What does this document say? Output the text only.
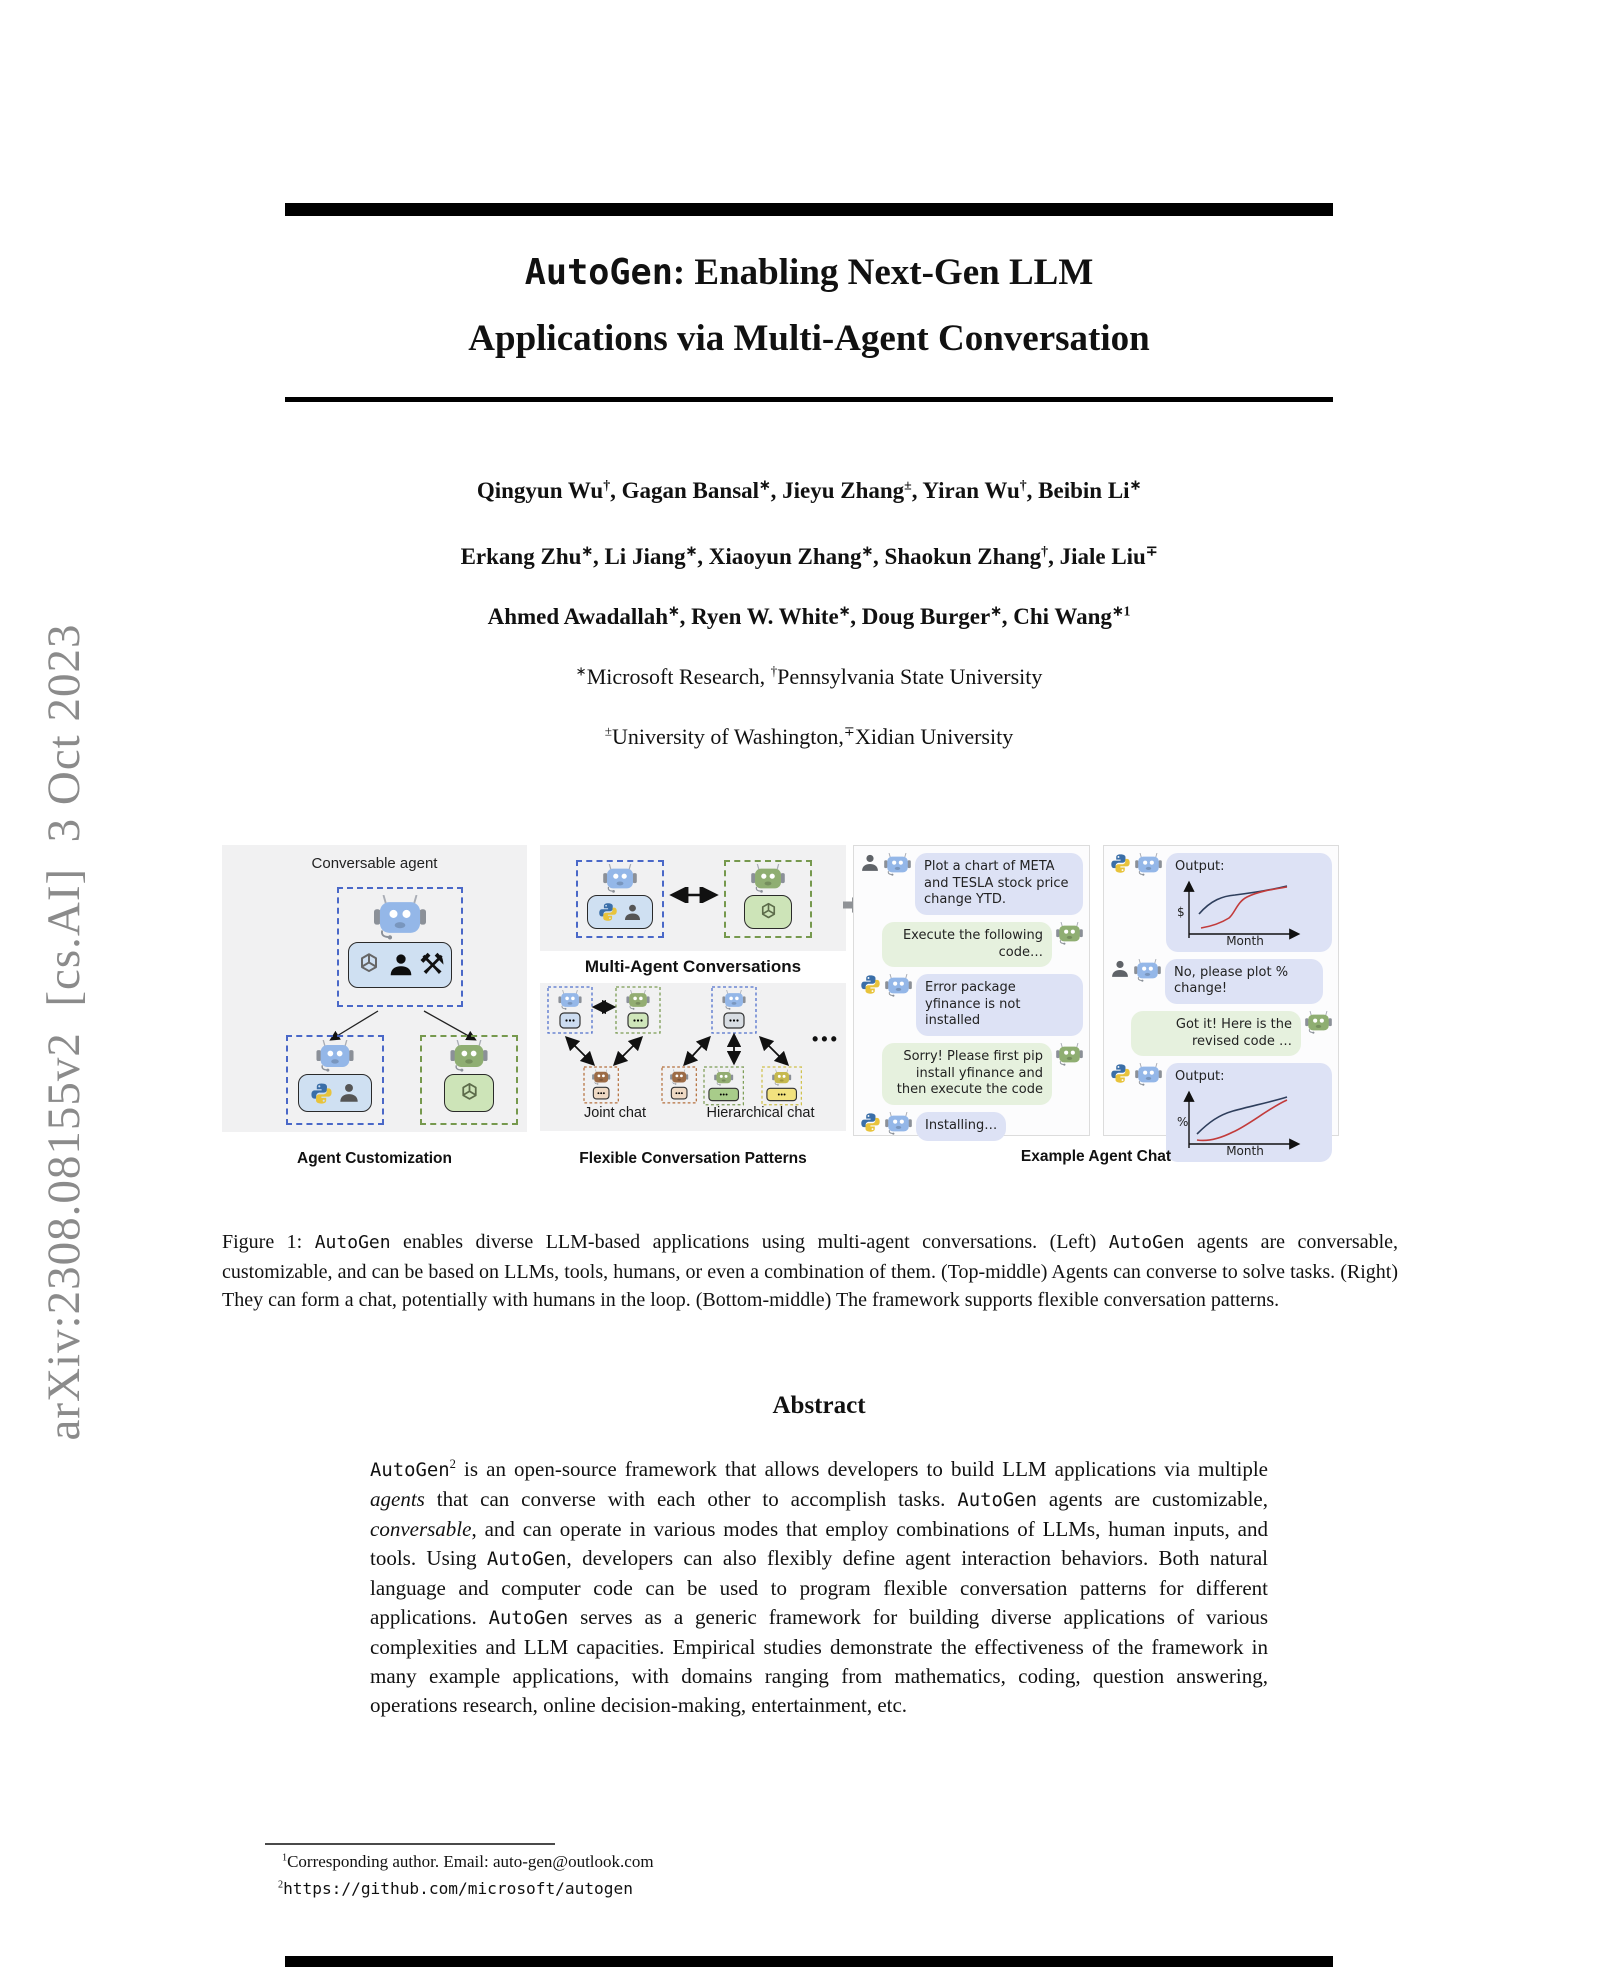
arXiv:2308.08155v2  [cs.AI]  3 Oct 2023
AutoGen: Enabling Next-Gen LLM
Applications via Multi-Agent Conversation
Qingyun Wu†, Gagan Bansal∗, Jieyu Zhang±, Yiran Wu†, Beibin Li∗
Erkang Zhu∗, Li Jiang∗, Xiaoyun Zhang∗, Shaokun Zhang†, Jiale Liu∓
Ahmed Awadallah∗, Ryen W. White∗, Doug Burger∗, Chi Wang$^{∗1}$
∗Microsoft Research, †Pennsylvania State University
±University of Washington,∓Xidian University
Conversable agent
⚒	Multi-Agent Conversations
•••
Joint chat	Hierarchical chat
Plot a chart of META and TESLA stock price change YTD.
Execute the following code…
Error package yfinance is not installed
Sorry! Please first pip install yfinance and then execute the code
Installing…
Output:
$
Month
No, please plot % change!
Got it! Here is the revised code …
Output:
%
Month
Agent Customization	Flexible Conversation Patterns	Example Agent Chat
Figure 1: AutoGen enables diverse LLM-based applications using multi-agent conversations. (Left) AutoGen agents are conversable, customizable, and can be based on LLMs, tools, humans, or even a combination of them. (Top-middle) Agents can converse to solve tasks. (Right) They can form a chat, potentially with humans in the loop. (Bottom-middle) The framework supports flexible conversation patterns.
Abstract
AutoGen$^2$ is an open-source framework that allows developers to build LLM applications via multiple agents that can converse with each other to accomplish tasks. AutoGen agents are customizable, conversable, and can operate in various modes that employ combinations of LLMs, human inputs, and tools. Using AutoGen, developers can also flexibly define agent interaction behaviors. Both natural language and computer code can be used to program flexible conversation patterns for different applications. AutoGen serves as a generic framework for building diverse applications of various complexities and LLM capacities. Empirical studies demonstrate the effectiveness of the framework in many example applications, with domains ranging from mathematics, coding, question answering, operations research, online decision-making, entertainment, etc.
$^1$Corresponding author. Email: auto-gen@outlook.com
$^2$https://github.com/microsoft/autogen
